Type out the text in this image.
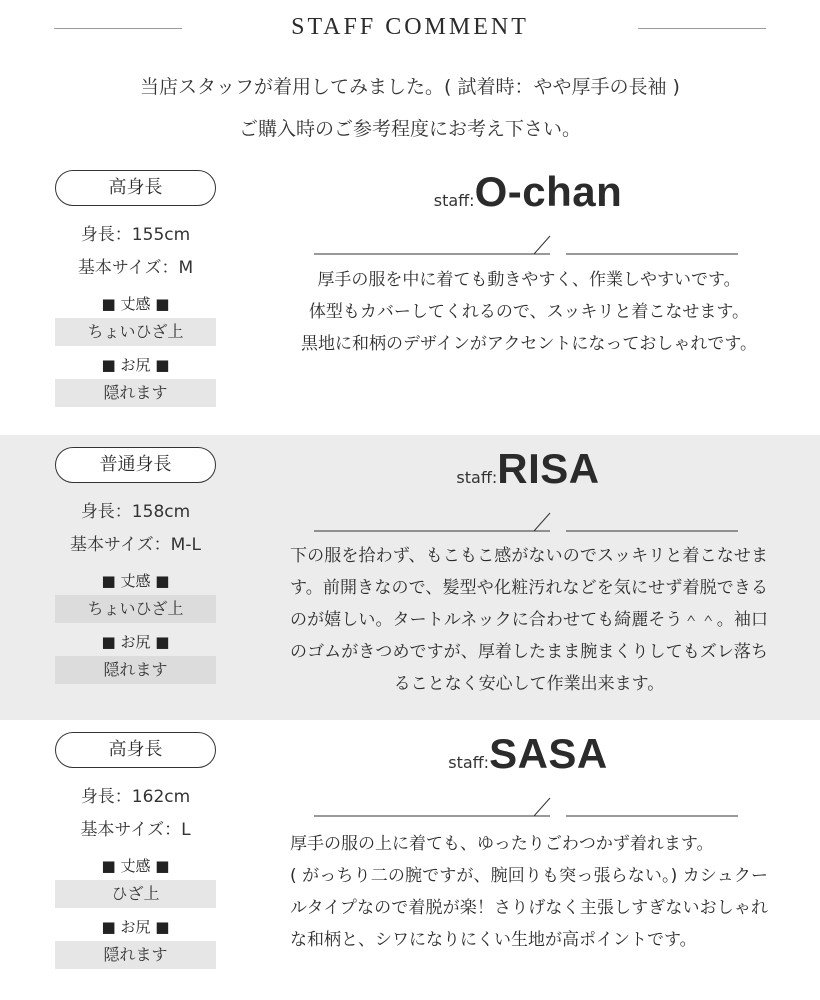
STAFF COMMENT
当店スタッフが着用してみました。( 試着時：やや厚手の長袖 )
ご購入時のご参考程度にお考え下さい。
高身長
身長：155cm
基本サイズ：M
■ 丈感 ■
ちょいひざ上
■ お尻 ■
隠れます
staff:O-chan

厚手の服を中に着ても動きやすく、作業しやすいです。

体型もカバーしてくれるので、スッキリと着こなせます。

黒地に和柄のデザインがアクセントになっておしゃれです。

普通身長
身長：158cm
基本サイズ：M-L
■ 丈感 ■
ちょいひざ上
■ お尻 ■
隠れます
staff:RISA

下の服を拾わず、もこもこ感がないのでスッキリと着こなせます。前開きなので、髪型や化粧汚れなどを気にせず着脱できるのが嬉しい。タートルネックに合わせても綺麗そう＾＾。袖口のゴムがきつめですが、厚着したまま腕まくりしてもズレ落ちることなく安心して作業出来ます。

高身長
身長：162cm
基本サイズ：L
■ 丈感 ■
ひざ上
■ お尻 ■
隠れます
staff:SASA

厚手の服の上に着ても、ゆったりごわつかず着れます。

( がっちり二の腕ですが、腕回りも突っ張らない。) カシュクールタイプなので着脱が楽！さりげなく主張しすぎないおしゃれな和柄と、シワになりにくい生地が高ポイントです。
